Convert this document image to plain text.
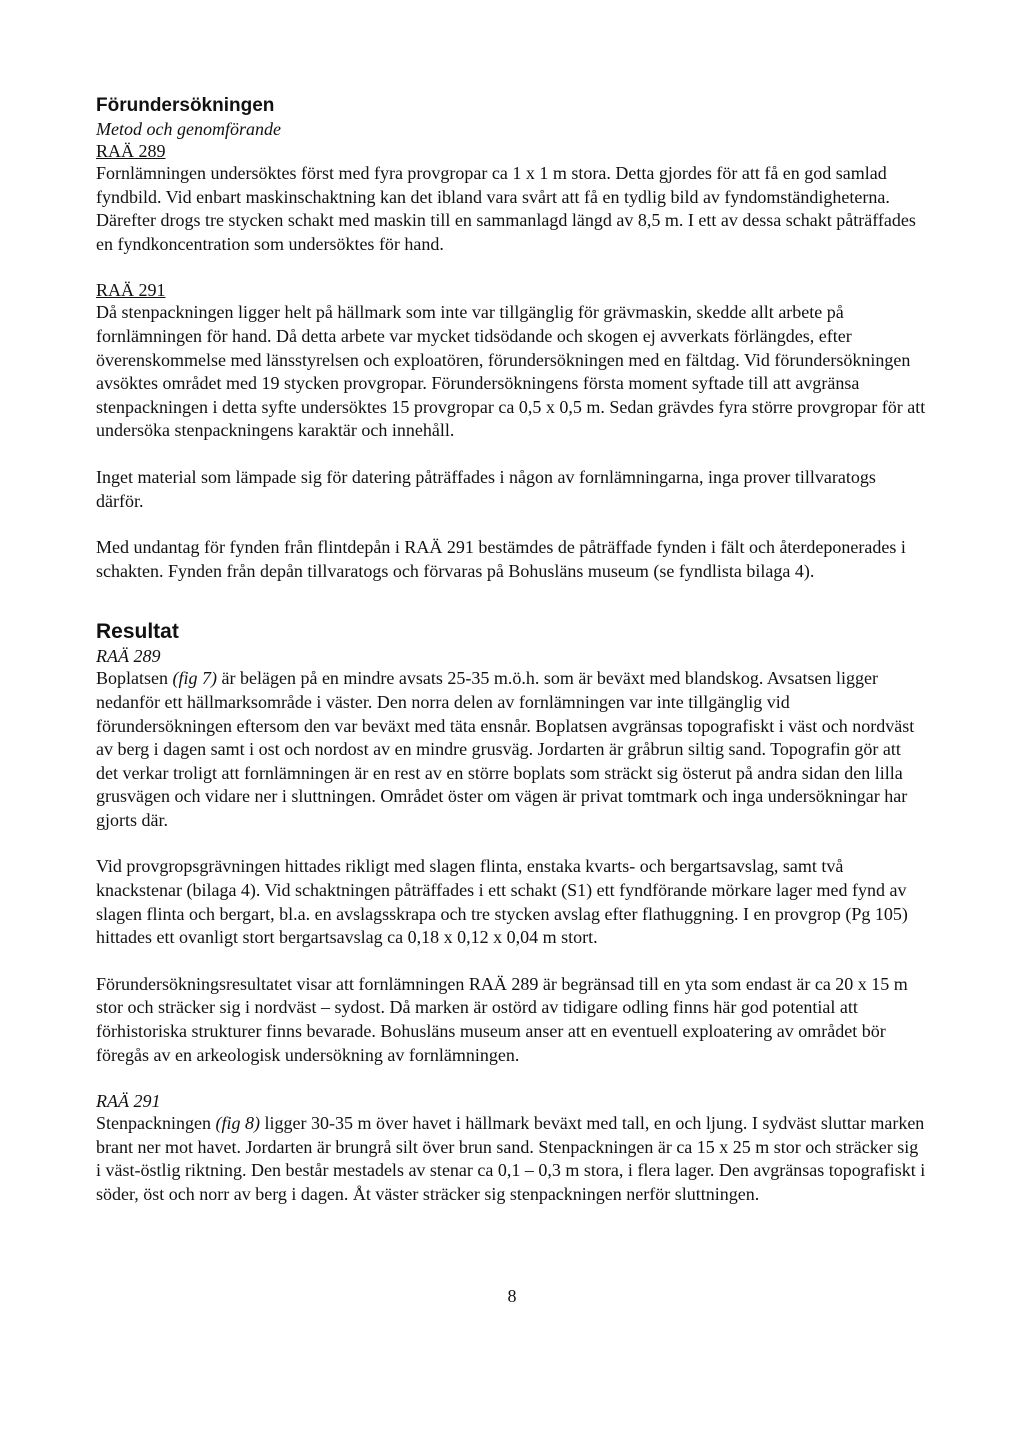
Förundersökningen
Metod och genomförande
RAÄ 289

Fornlämningen undersöktes först med fyra provgropar ca 1 x 1 m stora. Detta gjordes för att få en god samlad fyndbild. Vid enbart maskinschaktning kan det ibland vara svårt att få en tydlig bild av fyndomständigheterna. Därefter drogs tre stycken schakt med maskin till en sammanlagd längd av 8,5 m. I ett av dessa schakt påträffades en fyndkoncentration som undersöktes för hand.

RAÄ 291

Då stenpackningen ligger helt på hällmark som inte var tillgänglig för grävmaskin, skedde allt arbete på fornlämningen för hand. Då detta arbete var mycket tidsödande och skogen ej avverkats förlängdes, efter överenskommelse med länsstyrelsen och exploatören, förundersökningen med en fältdag. Vid förundersökningen avsöktes området med 19 stycken provgropar. Förundersökningens första moment syftade till att avgränsa stenpackningen i detta syfte undersöktes 15 provgropar ca 0,5 x 0,5 m. Sedan grävdes fyra större provgropar för att undersöka stenpackningens karaktär och innehåll.

Inget material som lämpade sig för datering påträffades i någon av fornlämningarna, inga prover tillvaratogs därför.

Med undantag för fynden från flintdepån i RAÄ 291 bestämdes de påträffade fynden i fält och återdeponerades i schakten. Fynden från depån tillvaratogs och förvaras på Bohusläns museum (se fyndlista bilaga 4).

Resultat
RAÄ 289

Boplatsen (fig 7) är belägen på en mindre avsats 25-35 m.ö.h. som är beväxt med blandskog. Avsatsen ligger nedanför ett hällmarksområde i väster. Den norra delen av fornlämningen var inte tillgänglig vid förundersökningen eftersom den var beväxt med täta ensnår. Boplatsen avgränsas topografiskt i väst och nordväst av berg i dagen samt i ost och nordost av en mindre grusväg. Jordarten är gråbrun siltig sand. Topografin gör att det verkar troligt att fornlämningen är en rest av en större boplats som sträckt sig österut på andra sidan den lilla grusvägen och vidare ner i sluttningen. Området öster om vägen är privat tomtmark och inga undersökningar har gjorts där.

Vid provgropsgrävningen hittades rikligt med slagen flinta, enstaka kvarts- och bergartsavslag, samt två knackstenar (bilaga 4). Vid schaktningen påträffades i ett schakt (S1) ett fyndförande mörkare lager med fynd av slagen flinta och bergart, bl.a. en avslagsskrapa och tre stycken avslag efter flathuggning. I en provgrop (Pg 105) hittades ett ovanligt stort bergartsavslag ca 0,18 x 0,12 x 0,04 m stort.

Förundersökningsresultatet visar att fornlämningen RAÄ 289 är begränsad till en yta som endast är ca 20 x 15 m stor och sträcker sig i nordväst – sydost. Då marken är ostörd av tidigare odling finns här god potential att förhistoriska strukturer finns bevarade. Bohusläns museum anser att en eventuell exploatering av området bör föregås av en arkeologisk undersökning av fornlämningen.

RAÄ 291

Stenpackningen (fig 8) ligger 30-35 m över havet i hällmark beväxt med tall, en och ljung. I sydväst sluttar marken brant ner mot havet. Jordarten är brungrå silt över brun sand. Stenpackningen är ca 15 x 25 m stor och sträcker sig i väst-östlig riktning. Den består mestadels av stenar ca 0,1 – 0,3 m stora, i flera lager. Den avgränsas topografiskt i söder, öst och norr av berg i dagen. Åt väster sträcker sig stenpackningen nerför sluttningen.

8
